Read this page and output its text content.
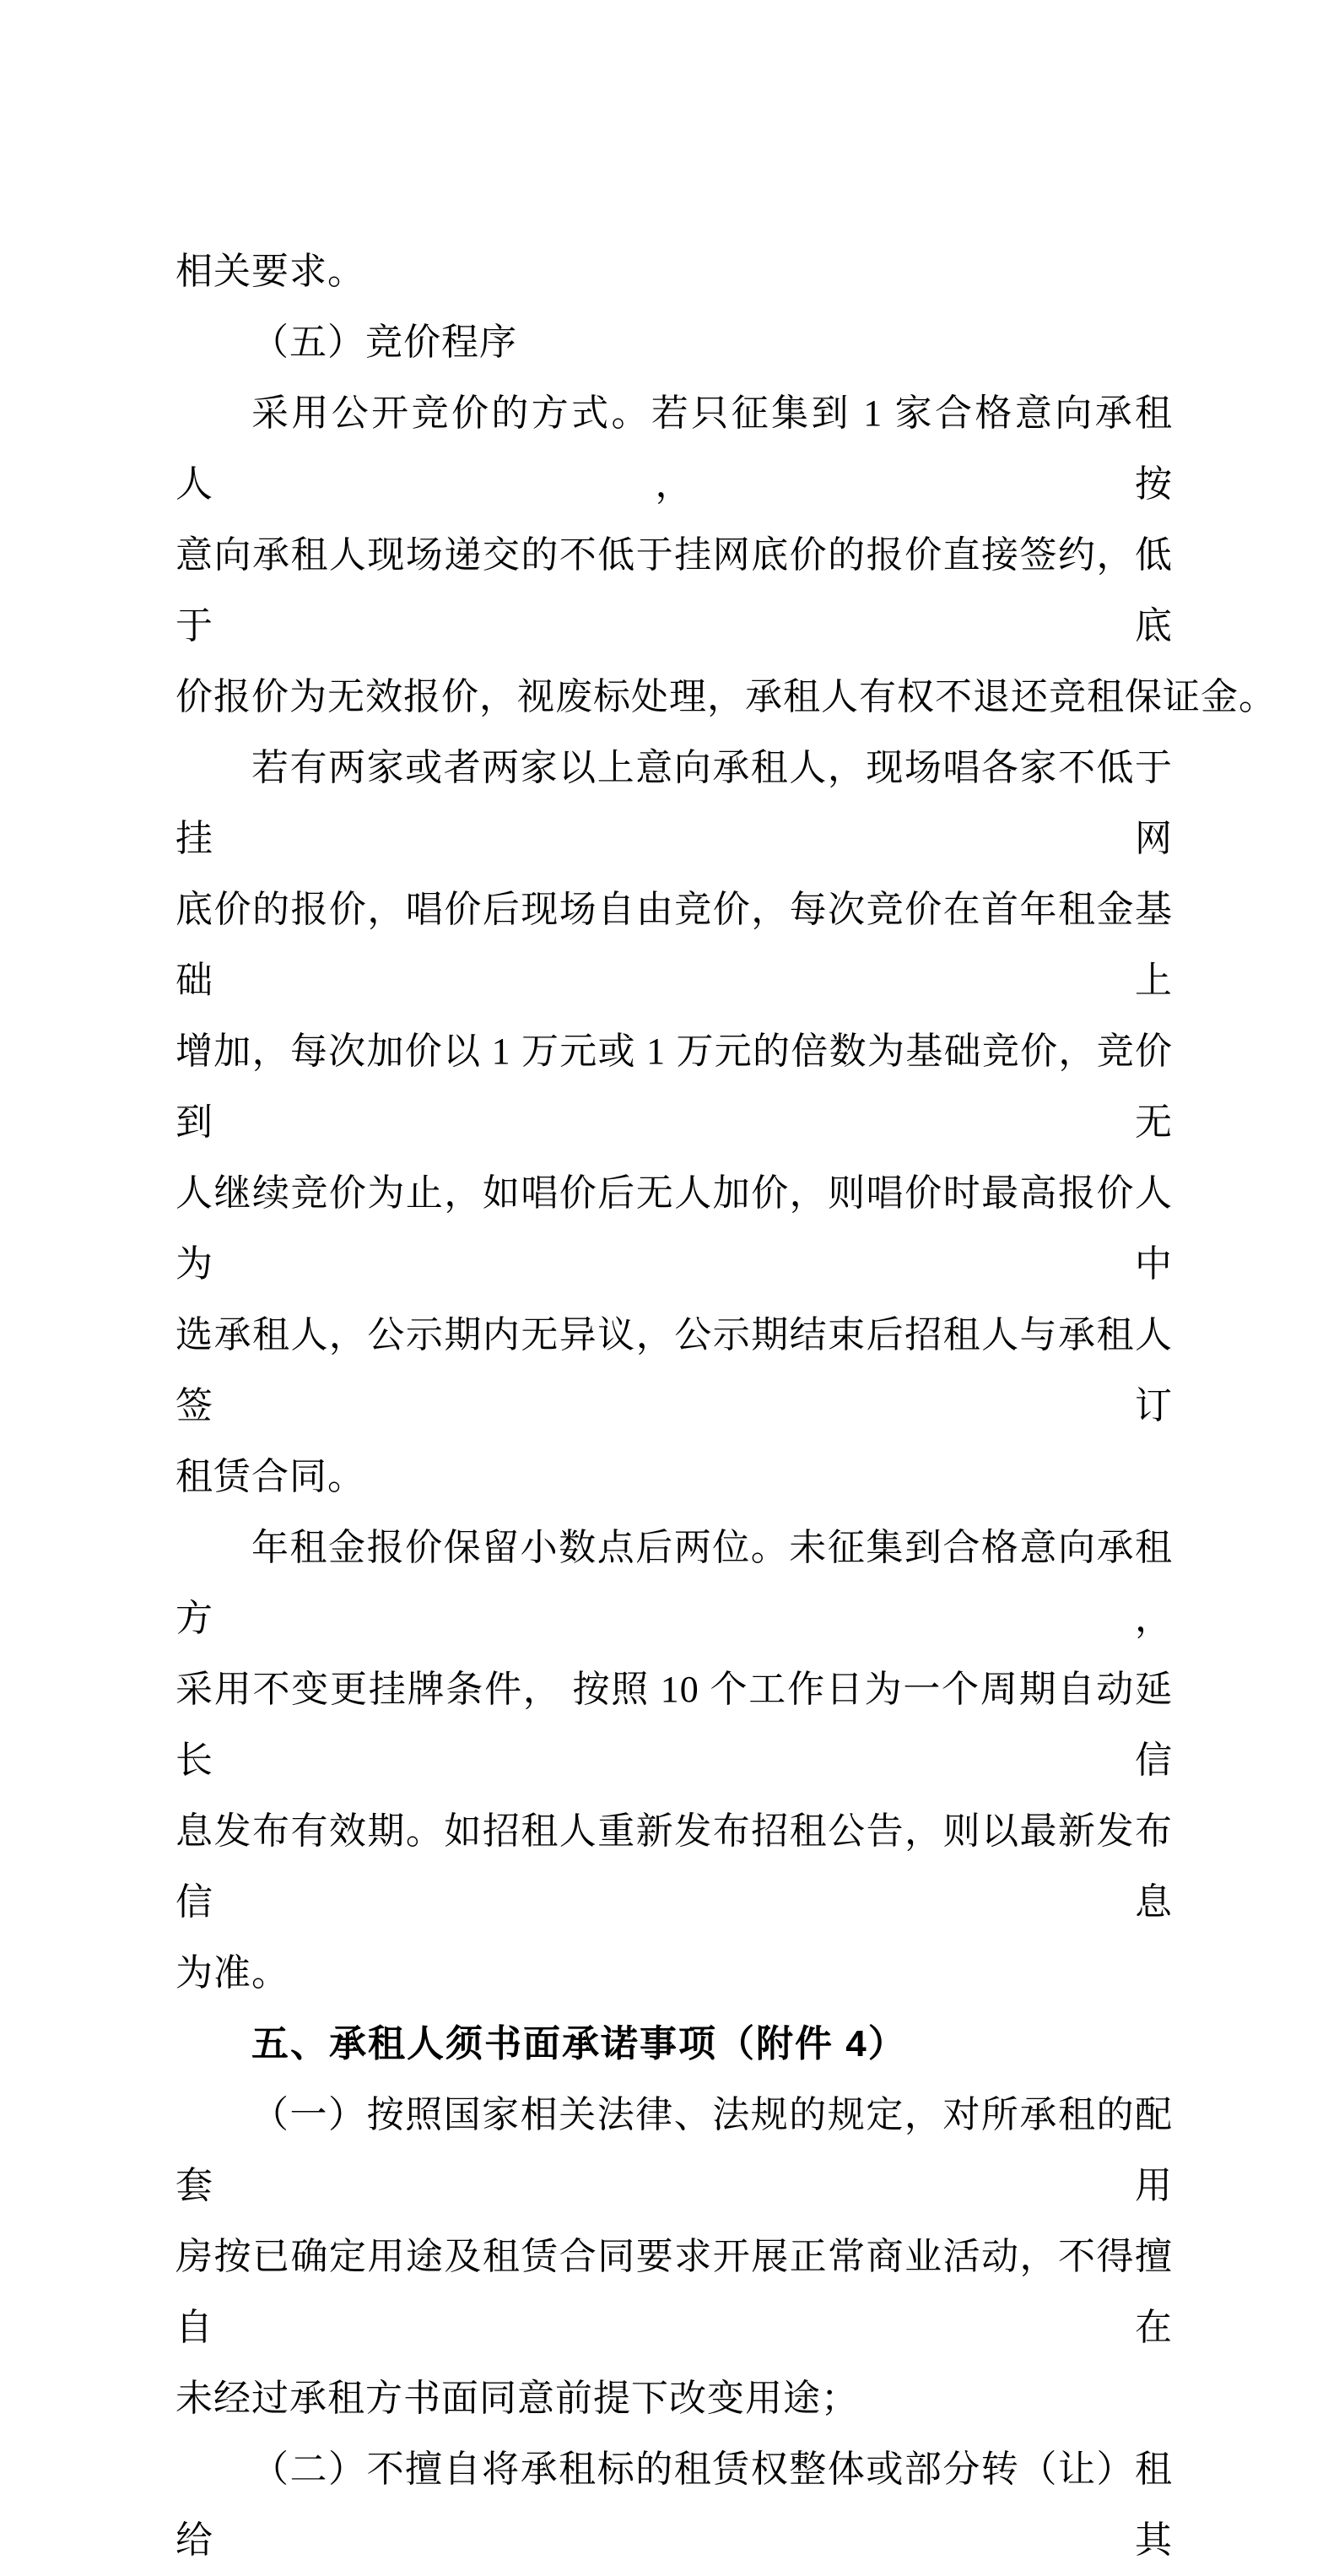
相关要求。
（五）竞价程序
采用公开竞价的方式。若只征集到 1 家合格意向承租人，按
意向承租人现场递交的不低于挂网底价的报价直接签约，低于底
价报价为无效报价，视废标处理，承租人有权不退还竞租保证金。
若有两家或者两家以上意向承租人，现场唱各家不低于挂网
底价的报价，唱价后现场自由竞价，每次竞价在首年租金基础上
增加，每次加价以 1 万元或 1 万元的倍数为基础竞价，竞价到无
人继续竞价为止，如唱价后无人加价，则唱价时最高报价人为中
选承租人，公示期内无异议，公示期结束后招租人与承租人签订
租赁合同。
年租金报价保留小数点后两位。未征集到合格意向承租方，
采用不变更挂牌条件， 按照 10 个工作日为一个周期自动延长信
息发布有效期。如招租人重新发布招租公告，则以最新发布信息
为准。
五、承租人须书面承诺事项（附件 4）
（一）按照国家相关法律、法规的规定，对所承租的配套用
房按已确定用途及租赁合同要求开展正常商业活动，不得擅自在
未经过承租方书面同意前提下改变用途；
（二）不擅自将承租标的租赁权整体或部分转（让）租给其
